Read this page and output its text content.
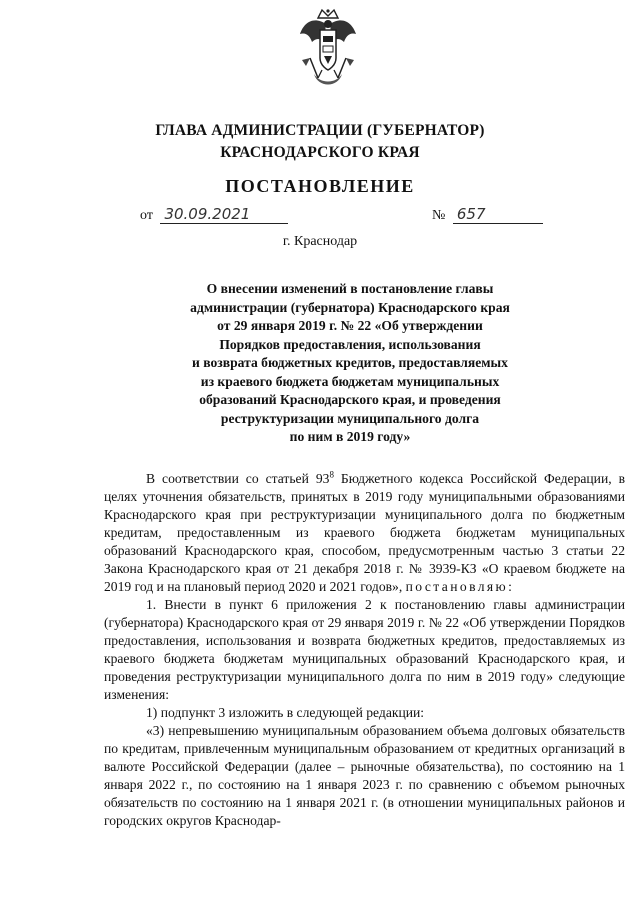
ГЛАВА АДМИНИСТРАЦИИ (ГУБЕРНАТОР)
КРАСНОДАРСКОГО КРАЯ
ПОСТАНОВЛЕНИЕ
от 30.09.2021	№ 657
г. Краснодар
О внесении изменений в постановление главы
администрации (губернатора) Краснодарского края
от 29 января 2019 г. № 22 «Об утверждении
Порядков предоставления, использования
и возврата бюджетных кредитов, предоставляемых
из краевого бюджета бюджетам муниципальных
образований Краснодарского края, и проведения
реструктуризации муниципального долга
по ним в 2019 году»

В соответствии со статьей $93^8$ Бюджетного кодекса Российской Федерации, в целях уточнения обязательств, принятых в 2019 году муниципальными образованиями Краснодарского края при реструктуризации муниципального долга по бюджетным кредитам, предоставленным из краевого бюджета бюджетам муниципальных образований Краснодарского края, способом, предусмотренным частью 3 статьи 22 Закона Краснодарского края от 21 декабря 2018 г. № 3939-КЗ «О краевом бюджете на 2019 год и на плановый период 2020 и 2021 годов», постановляю:

1. Внести в пункт 6 приложения 2 к постановлению главы администрации (губернатора) Краснодарского края от 29 января 2019 г. № 22 «Об утверждении Порядков предоставления, использования и возврата бюджетных кредитов, предоставляемых из краевого бюджета бюджетам муниципальных образований Краснодарского края, и проведения реструктуризации муниципального долга по ним в 2019 году» следующие изменения:

1) подпункт 3 изложить в следующей редакции:

«3) непревышению муниципальным образованием объема долговых обязательств по кредитам, привлеченным муниципальным образованием от кредитных организаций в валюте Российской Федерации (далее – рыночные обязательства), по состоянию на 1 января 2022 г., по состоянию на 1 января 2023 г. по сравнению с объемом рыночных обязательств по состоянию на 1 января 2021 г. (в отношении муниципальных районов и городских округов Краснодар-
